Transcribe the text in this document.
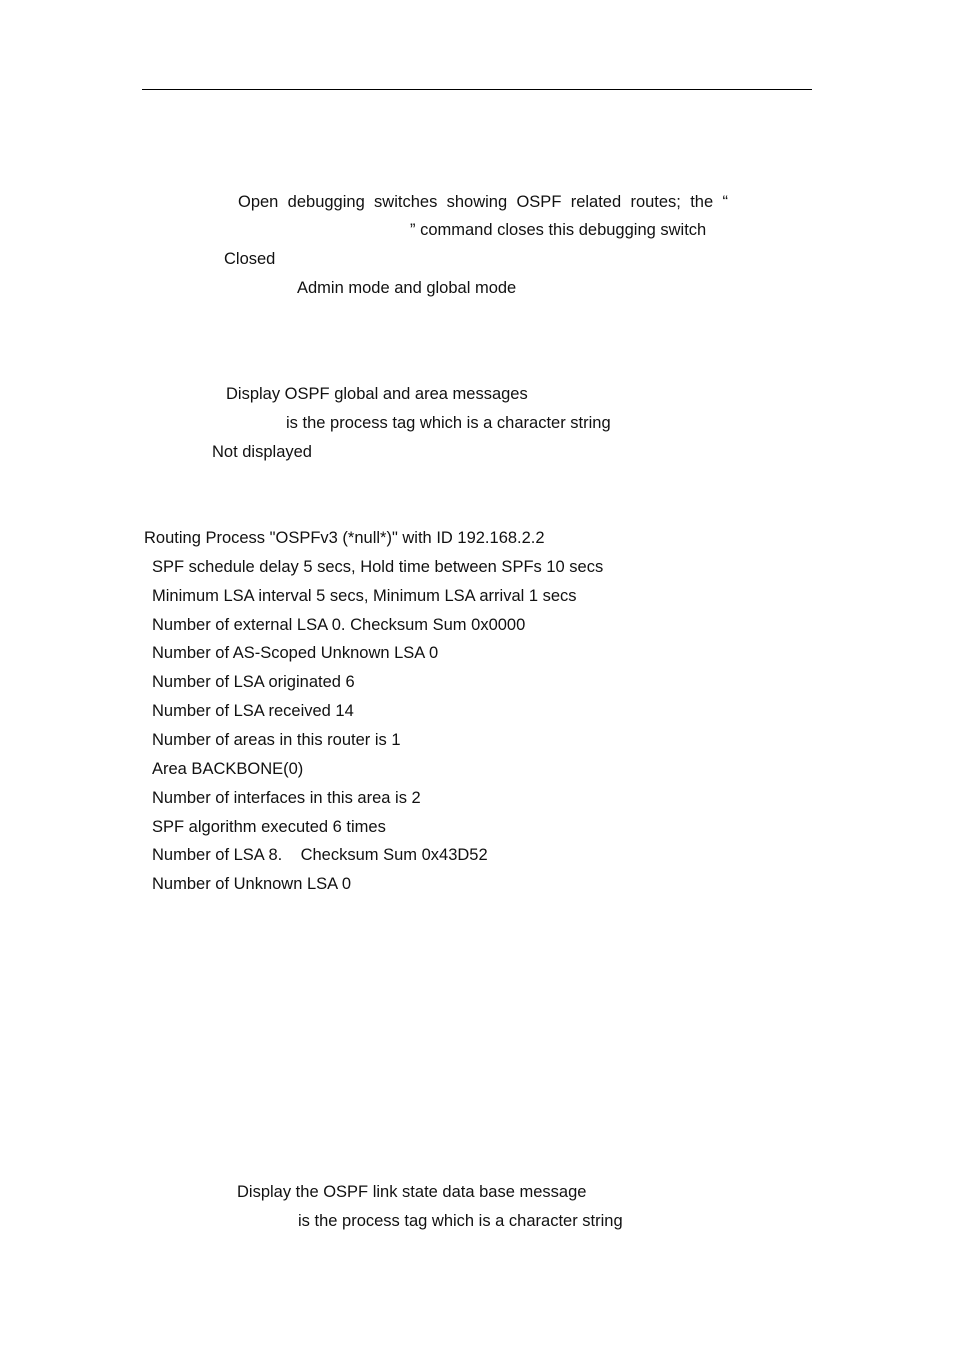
Open debugging switches showing OSPF related routes; the “
” command closes this debugging switch
Closed
Admin mode and global mode
Display OSPF global and area messages
is the process tag which is a character string
Not displayed
Routing Process "OSPFv3 (*null*)" with ID 192.168.2.2
SPF schedule delay 5 secs, Hold time between SPFs 10 secs
Minimum LSA interval 5 secs, Minimum LSA arrival 1 secs
Number of external LSA 0. Checksum Sum 0x0000
Number of AS-Scoped Unknown LSA 0
Number of LSA originated 6
Number of LSA received 14
Number of areas in this router is 1
Area BACKBONE(0)
Number of interfaces in this area is 2
SPF algorithm executed 6 times
Number of LSA 8.    Checksum Sum 0x43D52
Number of Unknown LSA 0
Display the OSPF link state data base message
is the process tag which is a character string
